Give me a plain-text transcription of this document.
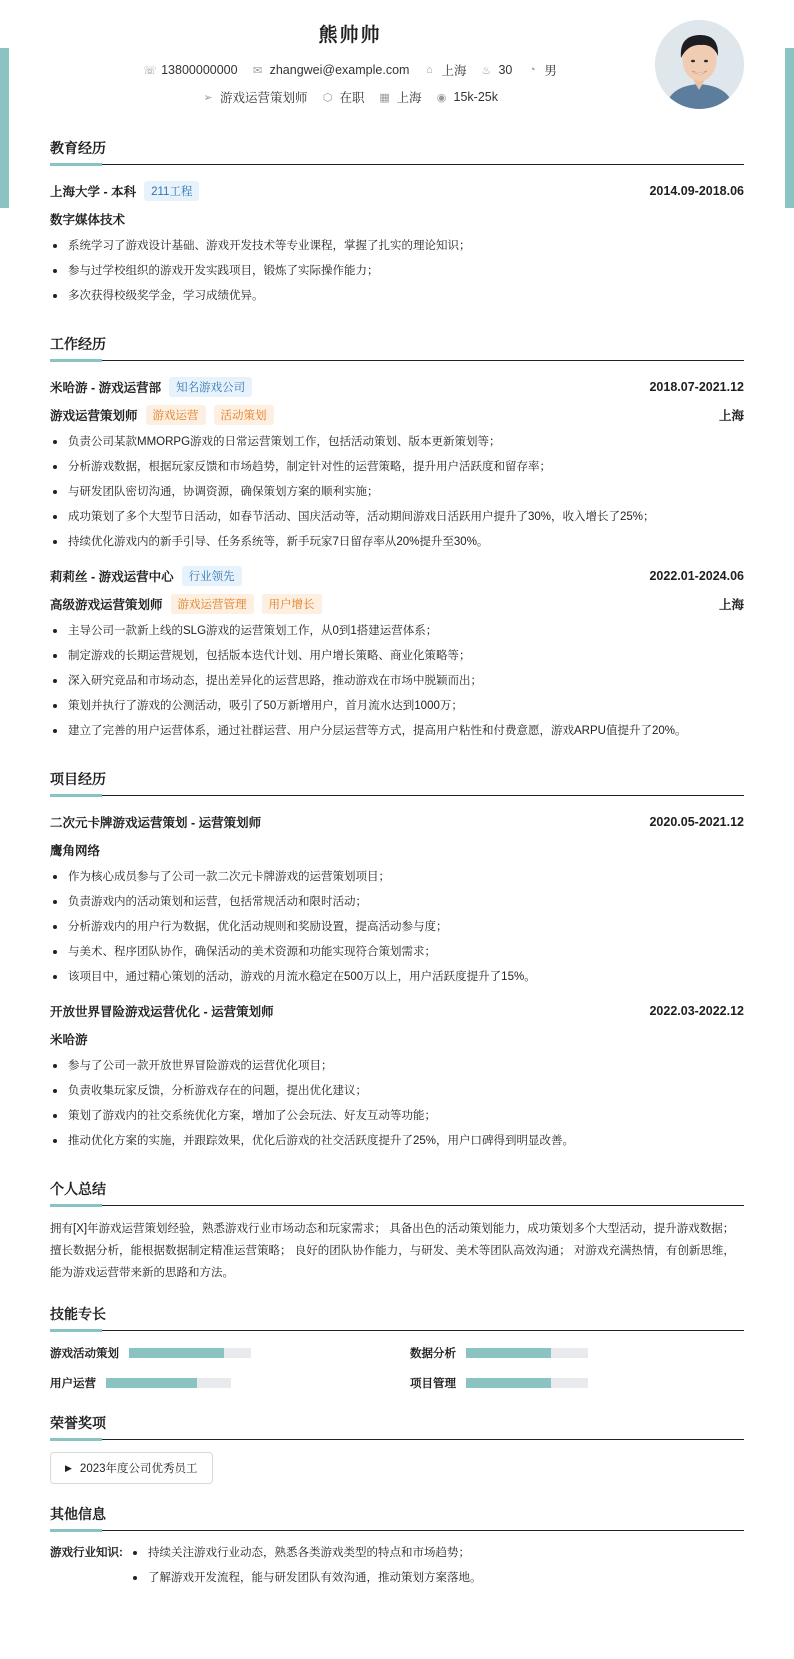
熊帅帅
☏ 13800000000 ✉ zhangwei@example.com ⌂ 上海 ♨ 30 ◔ 男
➢ 游戏运营策划师 ⬡ 在职 ▦ 上海 ◉ 15k-25k
教育经历
上海大学 - 本科	211工程	2014.09-2018.06
数字媒体技术
系统学习了游戏设计基础、游戏开发技术等专业课程，掌握了扎实的理论知识；
参与过学校组织的游戏开发实践项目，锻炼了实际操作能力；
多次获得校级奖学金，学习成绩优异。
工作经历
米哈游 - 游戏运营部	知名游戏公司	2018.07-2021.12
游戏运营策划师	游戏运营	活动策划	上海
负责公司某款MMORPG游戏的日常运营策划工作，包括活动策划、版本更新策划等；
分析游戏数据，根据玩家反馈和市场趋势，制定针对性的运营策略，提升用户活跃度和留存率；
与研发团队密切沟通，协调资源，确保策划方案的顺利实施；
成功策划了多个大型节日活动，如春节活动、国庆活动等，活动期间游戏日活跃用户提升了30%，收入增长了25%；
持续优化游戏内的新手引导、任务系统等，新手玩家7日留存率从20%提升至30%。
莉莉丝 - 游戏运营中心	行业领先	2022.01-2024.06
高级游戏运营策划师	游戏运营管理	用户增长	上海
主导公司一款新上线的SLG游戏的运营策划工作，从0到1搭建运营体系；
制定游戏的长期运营规划，包括版本迭代计划、用户增长策略、商业化策略等；
深入研究竞品和市场动态，提出差异化的运营思路，推动游戏在市场中脱颖而出；
策划并执行了游戏的公测活动，吸引了50万新增用户，首月流水达到1000万；
建立了完善的用户运营体系，通过社群运营、用户分层运营等方式，提高用户粘性和付费意愿，游戏ARPU值提升了20%。
项目经历
二次元卡牌游戏运营策划 - 运营策划师	2020.05-2021.12
鹰角网络
作为核心成员参与了公司一款二次元卡牌游戏的运营策划项目；
负责游戏内的活动策划和运营，包括常规活动和限时活动；
分析游戏内的用户行为数据，优化活动规则和奖励设置，提高活动参与度；
与美术、程序团队协作，确保活动的美术资源和功能实现符合策划需求；
该项目中，通过精心策划的活动，游戏的月流水稳定在500万以上，用户活跃度提升了15%。
开放世界冒险游戏运营优化 - 运营策划师	2022.03-2022.12
米哈游
参与了公司一款开放世界冒险游戏的运营优化项目；
负责收集玩家反馈，分析游戏存在的问题，提出优化建议；
策划了游戏内的社交系统优化方案，增加了公会玩法、好友互动等功能；
推动优化方案的实施，并跟踪效果，优化后游戏的社交活跃度提升了25%，用户口碑得到明显改善。
个人总结
拥有[X]年游戏运营策划经验，熟悉游戏行业市场动态和玩家需求； 具备出色的活动策划能力，成功策划多个大型活动，提升游戏数据； 擅长数据分析，能根据数据制定精准运营策略； 良好的团队协作能力，与研发、美术等团队高效沟通； 对游戏充满热情，有创新思维，能为游戏运营带来新的思路和方法。
技能专长
游戏活动策划	数据分析
用户运营	项目管理
荣誉奖项
▶ 2023年度公司优秀员工
其他信息
游戏行业知识:	持续关注游戏行业动态，熟悉各类游戏类型的特点和市场趋势；
了解游戏开发流程，能与研发团队有效沟通，推动策划方案落地。
